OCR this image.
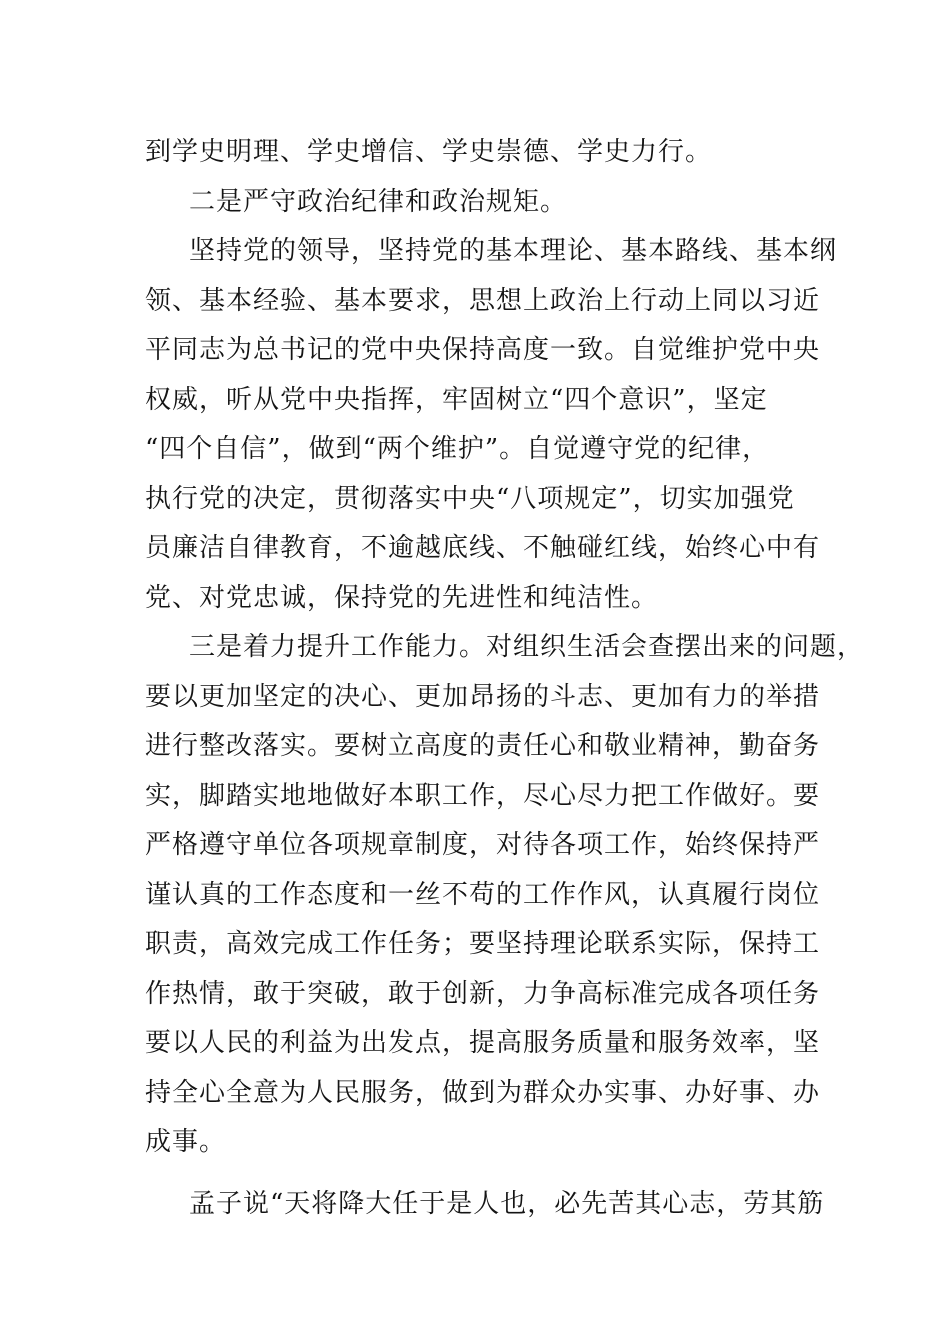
到学史明理、学史增信、学史崇德、学史力行。
二是严守政治纪律和政治规矩。
坚持党的领导，坚持党的基本理论、基本路线、基本纲
领、基本经验、基本要求，思想上政治上行动上同以习近
平同志为总书记的党中央保持高度一致。自觉维护党中央
权威，听从党中央指挥，牢固树立“四个意识”，坚定
“四个自信”，做到“两个维护”。自觉遵守党的纪律，
执行党的决定，贯彻落实中央“八项规定”，切实加强党
员廉洁自律教育，不逾越底线、不触碰红线，始终心中有
党、对党忠诚，保持党的先进性和纯洁性。
三是着力提升工作能力。对组织生活会查摆出来的问题，
要以更加坚定的决心、更加昂扬的斗志、更加有力的举措
进行整改落实。要树立高度的责任心和敬业精神，勤奋务
实，脚踏实地地做好本职工作，尽心尽力把工作做好。要
严格遵守单位各项规章制度，对待各项工作，始终保持严
谨认真的工作态度和一丝不苟的工作作风，认真履行岗位
职责，高效完成工作任务；要坚持理论联系实际，保持工
作热情，敢于突破，敢于创新，力争高标准完成各项任务
要以人民的利益为出发点，提高服务质量和服务效率，坚
持全心全意为人民服务，做到为群众办实事、办好事、办
成事。
孟子说“天将降大任于是人也，必先苦其心志，劳其筋
